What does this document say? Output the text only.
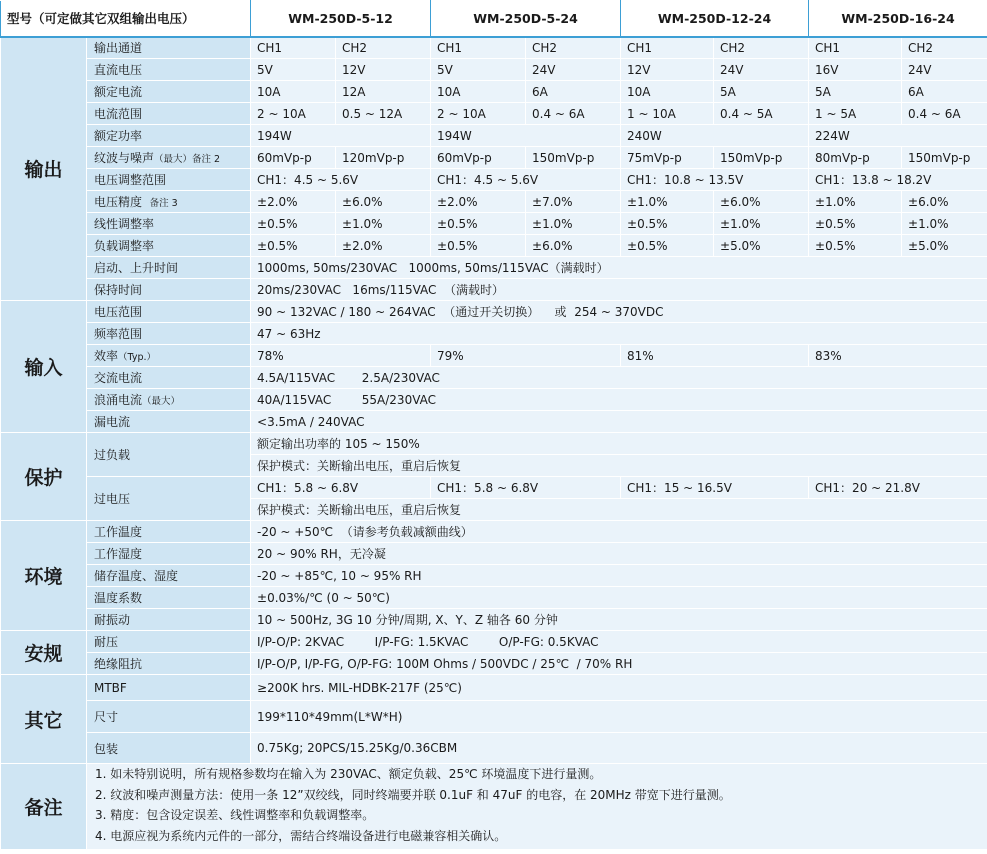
型号（可定做其它双组输出电压）		WM-250D-5-12		WM-250D-5-24		WM-250D-12-24		WM-250D-16-24	
输出	输出通道	CH1	CH2	CH1	CH2	CH1	CH2	CH1	CH2
	直流电压	5V	12V	5V	24V	12V	24V	16V	24V
	额定电流	10A	12A	10A	6A	10A	5A	5A	6A
	电流范围	2 ~ 10A	0.5 ~ 12A	2 ~ 10A	0.4 ~ 6A	1 ~ 10A	0.4 ~ 5A	1 ~ 5A	0.4 ~ 6A
	额定功率	194W		194W		240W		224W	
	纹波与噪声（最大）备注 2	60mVp-p	120mVp-p	60mVp-p	150mVp-p	75mVp-p	150mVp-p	80mVp-p	150mVp-p
	电压调整范围	CH1：4.5 ~ 5.6V		CH1：4.5 ~ 5.6V		CH1：10.8 ~ 13.5V		CH1：13.8 ~ 18.2V	
	电压精度 备注 3	±2.0%	±6.0%	±2.0%	±7.0%	±1.0%	±6.0%	±1.0%	±6.0%
	线性调整率	±0.5%	±1.0%	±0.5%	±1.0%	±0.5%	±1.0%	±0.5%	±1.0%
	负载调整率	±0.5%	±2.0%	±0.5%	±6.0%	±0.5%	±5.0%	±0.5%	±5.0%
	启动、上升时间	1000ms, 50ms/230VAC   1000ms, 50ms/115VAC（满载时）							
	保持时间	20ms/230VAC   16ms/115VAC  （满载时）							
输入	电压范围	90 ~ 132VAC / 180 ~ 264VAC  （通过开关切换）    或  254 ~ 370VDC							
	频率范围	47 ~ 63Hz							
	效率（Typ.）	78%		79%		81%		83%	
	交流电流	4.5A/115VAC       2.5A/230VAC							
	浪涌电流（最大）	40A/115VAC        55A/230VAC							
	漏电流	<3.5mA / 240VAC							
保护	过负载	额定输出功率的 105 ~ 150%							
		保护模式：关断输出电压，重启后恢复							
	过电压	CH1：5.8 ~ 6.8V		CH1：5.8 ~ 6.8V		CH1：15 ~ 16.5V		CH1：20 ~ 21.8V	
		保护模式：关断输出电压，重启后恢复							
环境	工作温度	-20 ~ +50℃  （请参考负载减额曲线）							
	工作湿度	20 ~ 90% RH，无冷凝							
	储存温度、湿度	-20 ~ +85℃, 10 ~ 95% RH							
	温度系数	±0.03%/℃ (0 ~ 50℃)							
	耐振动	10 ~ 500Hz, 3G 10 分钟/周期, X、Y、Z 轴各 60 分钟							
安规	耐压	I/P-O/P: 2KVAC        I/P-FG: 1.5KVAC        O/P-FG: 0.5KVAC							
	绝缘阻抗	I/P-O/P, I/P-FG, O/P-FG: 100M Ohms / 500VDC / 25℃  / 70% RH							
其它	MTBF	≥200K hrs. MIL-HDBK-217F (25℃)							
	尺寸	199*110*49mm(L*W*H)							
	包装	0.75Kg; 20PCS/15.25Kg/0.36CBM							
备注	1. 如未特别说明，所有规格参数均在输入为 230VAC、额定负载、25℃ 环境温度下进行量测。
2. 纹波和噪声测量方法：使用一条 12”双绞线，同时终端要并联 0.1uF 和 47uF 的电容，在 20MHz 带宽下进行量测。
3. 精度：包含设定误差、线性调整率和负载调整率。
4. 电源应视为系统内元件的一部分，需结合终端设备进行电磁兼容相关确认。								
